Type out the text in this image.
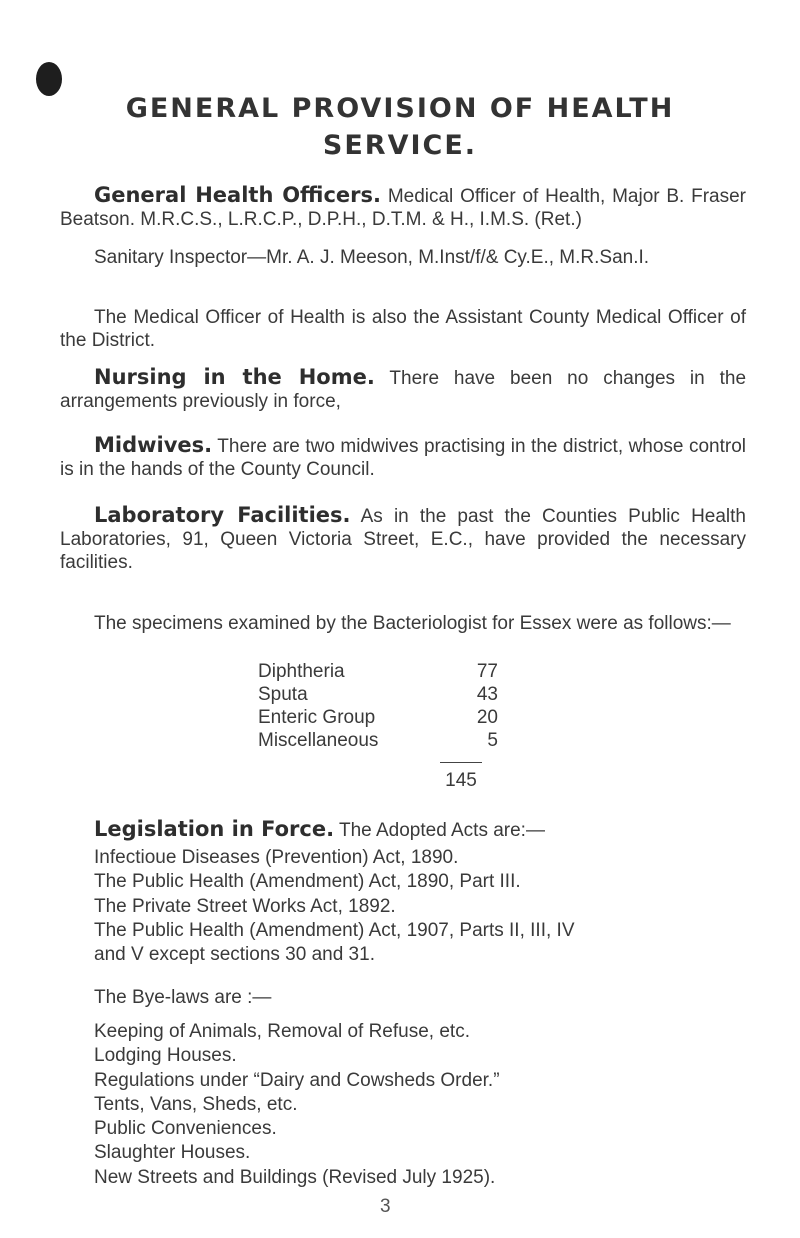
GENERAL PROVISION OF HEALTH
SERVICE.
General Health Officers. Medical Officer of Health, Major B. Fraser Beatson. M.R.C.S., L.R.C.P., D.P.H., D.T.M. & H., I.M.S. (Ret.)
Sanitary Inspector—Mr. A. J. Meeson, M.Inst/f/& Cy.E., M.R.San.I.
The Medical Officer of Health is also the Assistant County Medical Officer of the District.
Nursing in the Home. There have been no changes in the arrangements previously in force,
Midwives. There are two midwives practising in the district, whose control is in the hands of the County Council.
Laboratory Facilities. As in the past the Counties Public Health Laboratories, 91, Queen Victoria Street, E.C., have provided the necessary facilities.
The specimens examined by the Bacteriologist for Essex were as follows:—
Diphtheria	77
Sputa	43
Enteric Group	20
Miscellaneous	5
145
Legislation in Force. The Adopted Acts are:—
Infectioue Diseases (Prevention) Act, 1890.
The Public Health (Amendment) Act, 1890, Part III.
The Private Street Works Act, 1892.
The Public Health (Amendment) Act, 1907, Parts II, III, IV
and V except sections 30 and 31.
The Bye-laws are :—
Keeping of Animals, Removal of Refuse, etc.
Lodging Houses.
Regulations under “Dairy and Cowsheds Order.”
Tents, Vans, Sheds, etc.
Public Conveniences.
Slaughter Houses.
New Streets and Buildings (Revised July 1925).
3
